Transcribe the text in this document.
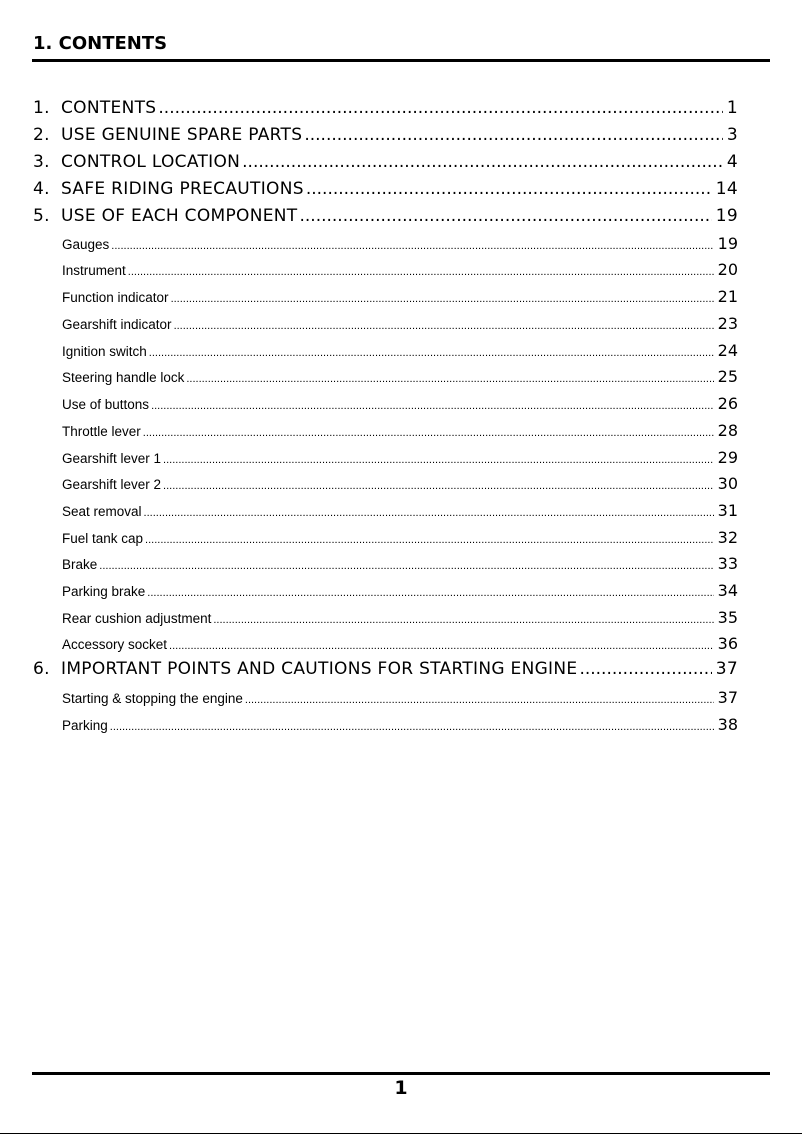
1. CONTENTS
1. CONTENTS .....	1
2. USE GENUINE SPARE PARTS .....	3
3. CONTROL LOCATION .....	4
4. SAFE RIDING PRECAUTIONS .....	14
5. USE OF EACH COMPONENT .....	19
Gauges .....	19
Instrument .....	20
Function indicator .....	21
Gearshift indicator .....	23
Ignition switch .....	24
Steering handle lock .....	25
Use of buttons .....	26
Throttle lever .....	28
Gearshift lever 1 .....	29
Gearshift lever 2 .....	30
Seat removal .....	31
Fuel tank cap .....	32
Brake .....	33
Parking brake .....	34
Rear cushion adjustment .....	35
Accessory socket .....	36
6. IMPORTANT POINTS AND CAUTIONS FOR STARTING ENGINE .....	37
Starting & stopping the engine .....	37
Parking .....	38
1
